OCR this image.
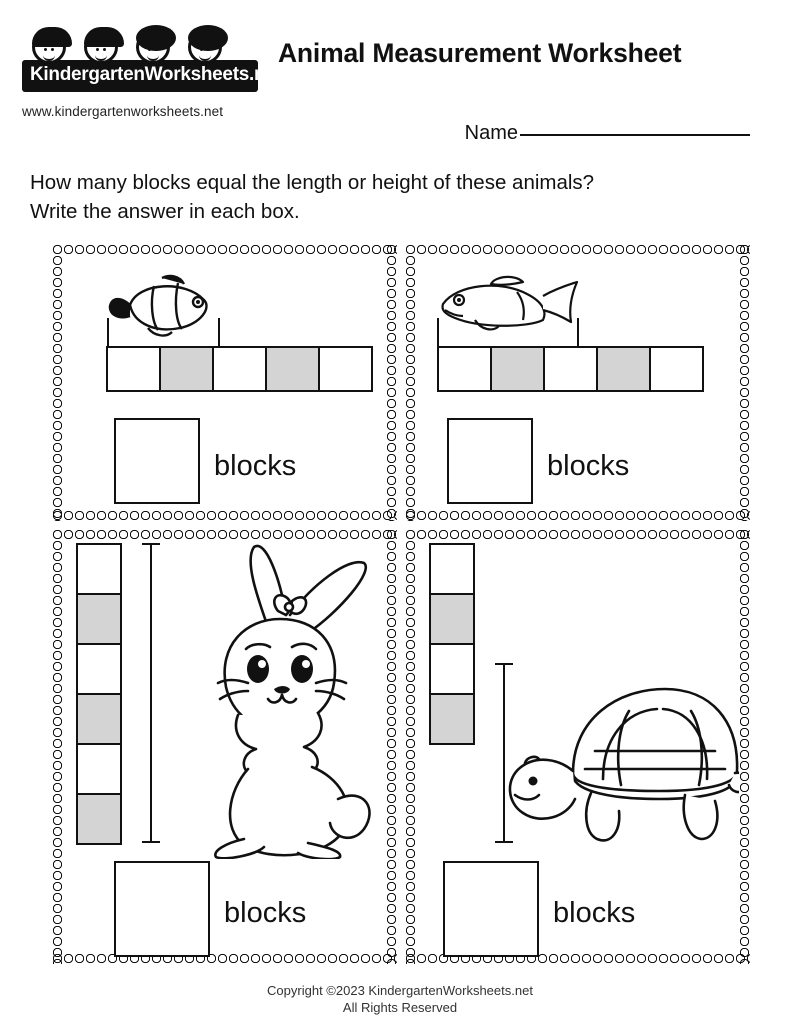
KindergartenWorksheets.net
www.kindergartenworksheets.net
Animal Measurement Worksheet
Name
How many blocks equal the length or height of these animals?
Write the answer in each box.
blocks	blocks
blocks	blocks
Copyright ©2023 KindergartenWorksheets.net
All Rights Reserved
